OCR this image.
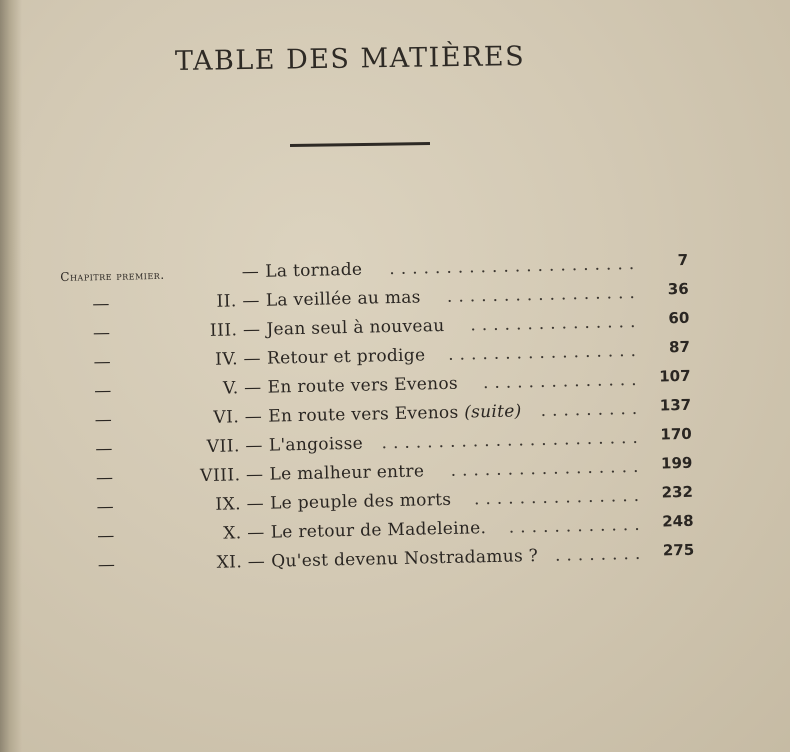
TABLE DES MATIÈRES
Chapitre premier.	— La tornade ......................	7
—	II. — La veillée au mas .................	36
—	III. — Jean seul à nouveau ...............	60
—	IV. — Retour et prodige .................	87
—	V. — En route vers Evenos ..............	107
—	VI. — En route vers Evenos (suite) .........	137
—	VII. — L'angoisse .......................	170
—	VIII. — Le malheur entre .................	199
—	IX. — Le peuple des morts ...............	232
—	X. — Le retour de Madeleine. ............	248
—	XI. — Qu'est devenu Nostradamus ? ........	275
